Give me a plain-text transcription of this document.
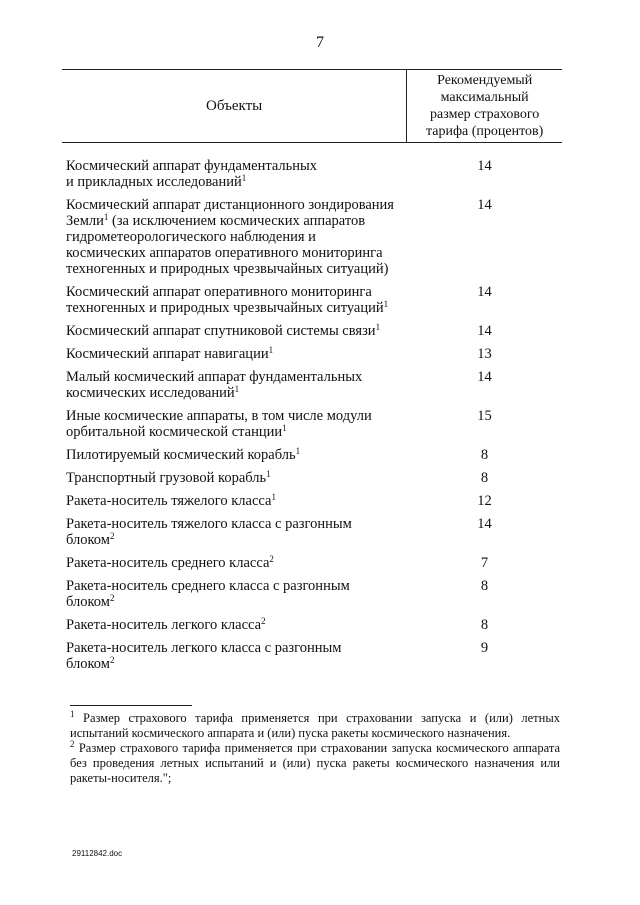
7
Объекты
Рекомендуемый
максимальный
размер страхового
тарифа (процентов)
Космический аппарат фундаментальных
и прикладных исследований$^1$
14
Космический аппарат дистанционного зондирования
Земли$^1$ (за исключением космических аппаратов
гидрометеорологического наблюдения и
космических аппаратов оперативного мониторинга
техногенных и природных чрезвычайных ситуаций)
14
Космический аппарат оперативного мониторинга
техногенных и природных чрезвычайных ситуаций$^1$
14
Космический аппарат спутниковой системы связи$^1$	14
Космический аппарат навигации$^1$	13
Малый космический аппарат фундаментальных
космических исследований$^1$
14
Иные космические аппараты, в том числе модули
орбитальной космической станции$^1$
15
Пилотируемый космический корабль$^1$	8
Транспортный грузовой корабль$^1$	8
Ракета-носитель тяжелого класса$^1$	12
Ракета-носитель тяжелого класса с разгонным
блоком$^2$
14
Ракета-носитель среднего класса$^2$	7
Ракета-носитель среднего класса с разгонным
блоком$^2$
8
Ракета-носитель легкого класса$^2$	8
Ракета-носитель легкого класса с разгонным
блоком$^2$
9
$^1$ Размер страхового тарифа применяется при страховании запуска и (или) летных испытаний космического аппарата и (или) пуска ракеты космического назначения.
$^2$ Размер страхового тарифа применяется при страховании запуска космического аппарата без проведения летных испытаний и (или) пуска ракеты космического назначения или ракеты-носителя.";
29112842.doc
